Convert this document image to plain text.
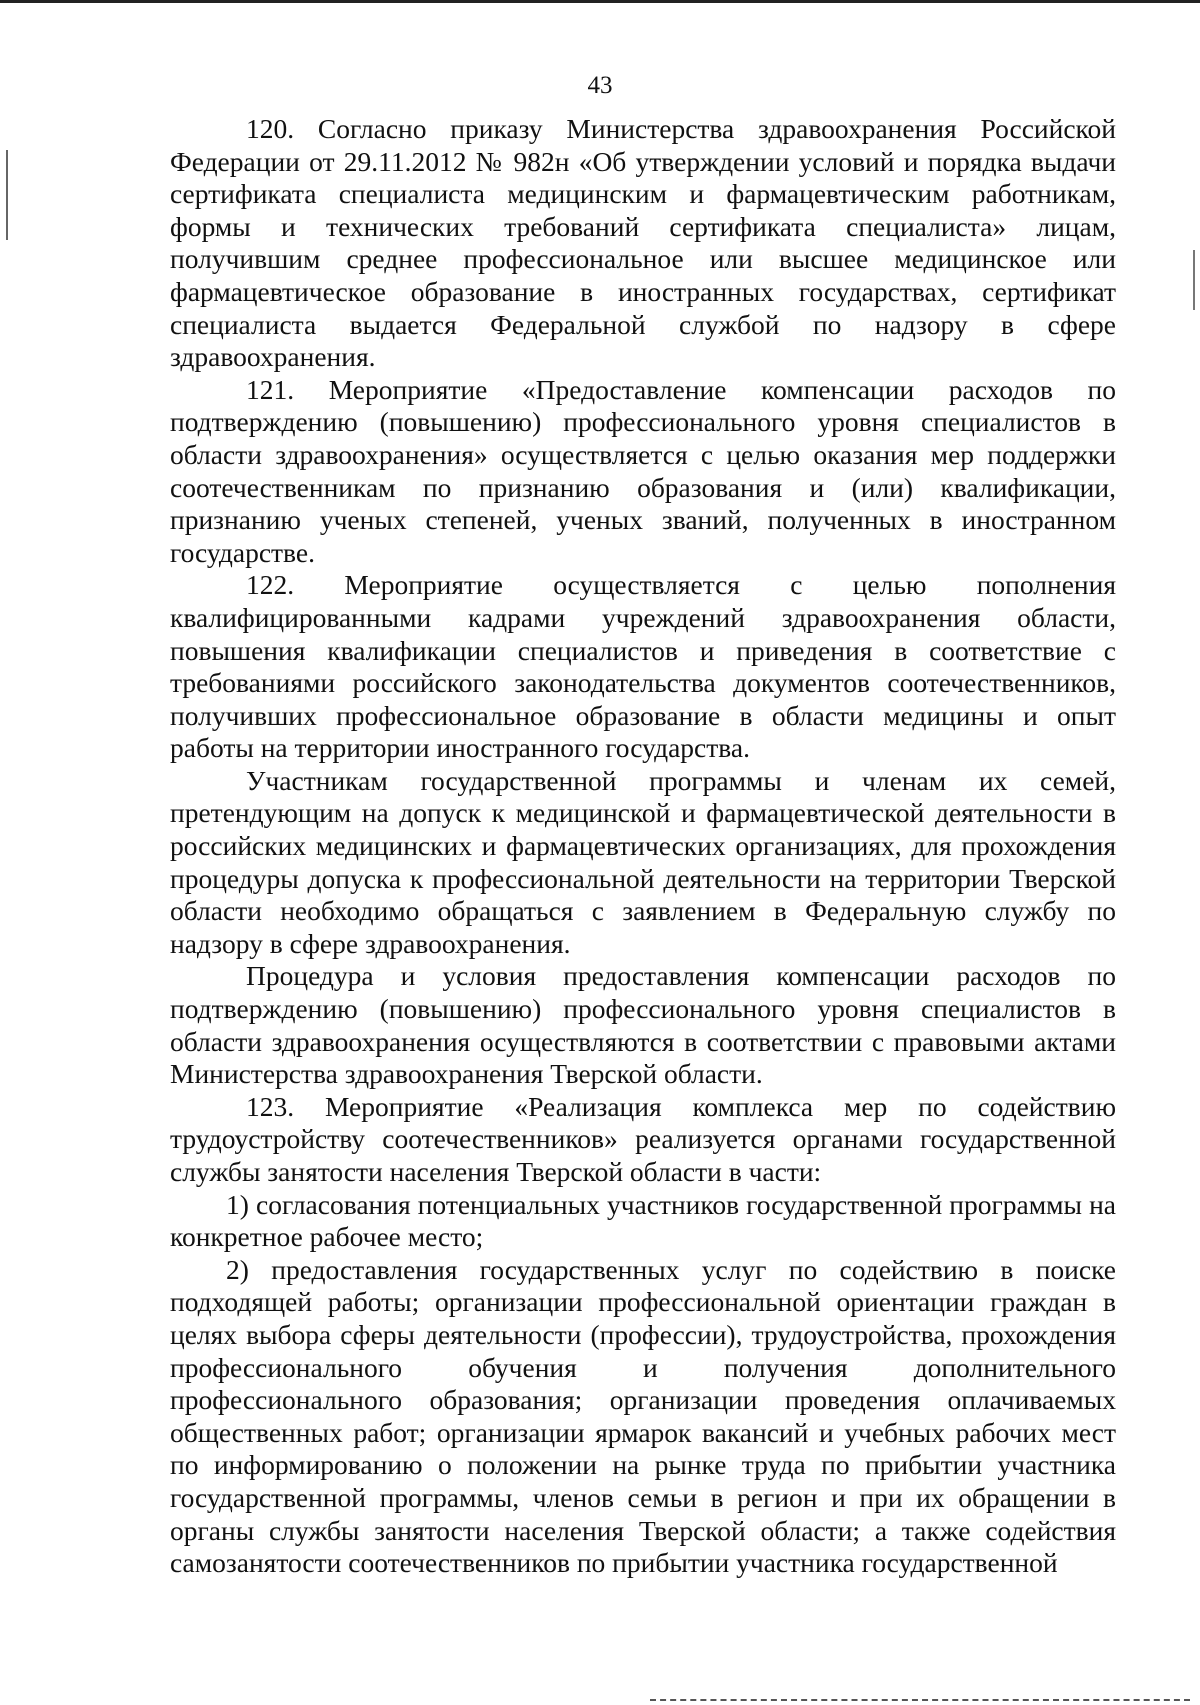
43

120. Согласно приказу Министерства здравоохранения Российской Федерации от 29.11.2012 № 982н «Об утверждении условий и порядка выдачи сертификата специалиста медицинским и фармацевтическим работникам, формы и технических требований сертификата специалиста» лицам, получившим среднее профессиональное или высшее медицинское или фармацевтическое образование в иностранных государствах, сертификат специалиста выдается Федеральной службой по надзору в сфере здравоохранения.

121. Мероприятие «Предоставление компенсации расходов по подтверждению (повышению) профессионального уровня специалистов в области здравоохранения» осуществляется с целью оказания мер поддержки соотечественникам по признанию образования и (или) квалификации, признанию ученых степеней, ученых званий, полученных в иностранном государстве.

122. Мероприятие осуществляется с целью пополнения квалифицированными кадрами учреждений здравоохранения области, повышения квалификации специалистов и приведения в соответствие с требованиями российского законодательства документов соотечественников, получивших профессиональное образование в области медицины и опыт работы на территории иностранного государства.

Участникам государственной программы и членам их семей, претендующим на допуск к медицинской и фармацевтической деятельности в российских медицинских и фармацевтических организациях, для прохождения процедуры допуска к профессиональной деятельности на территории Тверской области необходимо обращаться с заявлением в Федеральную службу по надзору в сфере здравоохранения.

Процедура и условия предоставления компенсации расходов по подтверждению (повышению) профессионального уровня специалистов в области здравоохранения осуществляются в соответствии с правовыми актами Министерства здравоохранения Тверской области.

123. Мероприятие «Реализация комплекса мер по содействию трудоустройству соотечественников» реализуется органами государственной службы занятости населения Тверской области в части:

1) согласования потенциальных участников государственной программы на конкретное рабочее место;

2) предоставления государственных услуг по содействию в поиске подходящей работы; организации профессиональной ориентации граждан в целях выбора сферы деятельности (профессии), трудоустройства, прохождения профессионального обучения и получения дополнительного профессионального образования; организации проведения оплачиваемых общественных работ; организации ярмарок вакансий и учебных рабочих мест по информированию о положении на рынке труда по прибытии участника государственной программы, членов семьи в регион и при их обращении в органы службы занятости населения Тверской области; а также содействия самозанятости соотечественников по прибытии участника государственной
